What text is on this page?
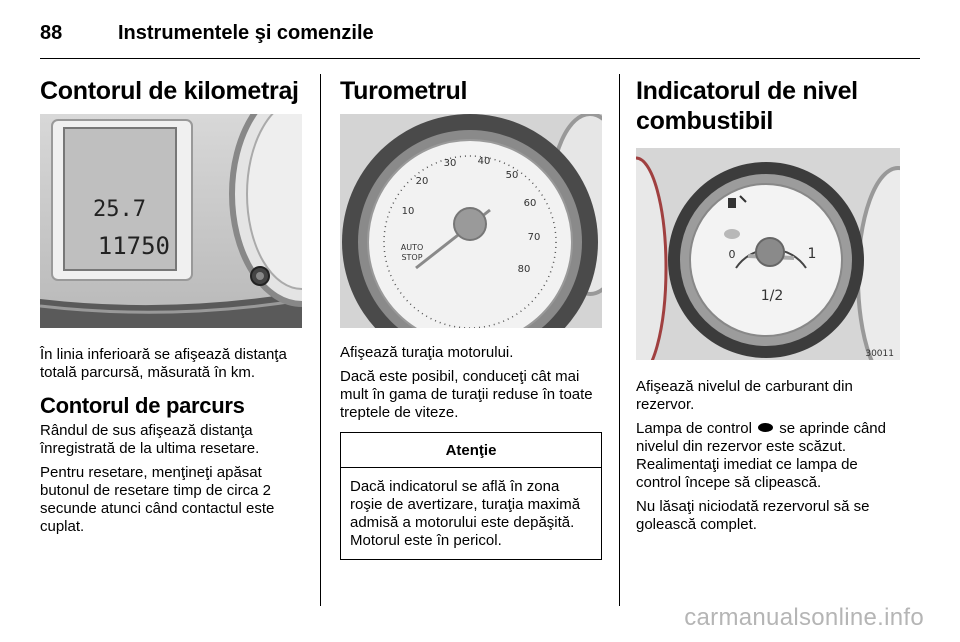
88	Instrumentele şi comenzile
Contorul de kilometraj
25.7
11750

În linia inferioară se afişează distanţa totală parcursă, măsurată în km.

Contorul de parcurs

Rândul de sus afişează distanţa înregistrată de la ultima resetare.

Pentru resetare, menţineţi apăsat butonul de resetare timp de circa 2 secunde atunci când contactul este cuplat.

Turometrul
10
20
30 40
50
60
70
80
AUTO
STOP

Afişează turaţia motorului.

Dacă este posibil, conduceţi cât mai mult în gama de turaţii reduse în toate treptele de viteze.

Atenţie
Dacă indicatorul se află în zona roşie de avertizare, turaţia maximă admisă a motorului este depăşită. Motorul este în pericol.
Indicatorul de nivel combustibil
0	1
1/2
30011

Afişează nivelul de carburant din rezervor.

Lampa de control se aprinde când nivelul din rezervor este scăzut. Realimentaţi imediat ce lampa de control începe să clipească.

Nu lăsaţi niciodată rezervorul să se golească complet.

carmanualsonline.info
